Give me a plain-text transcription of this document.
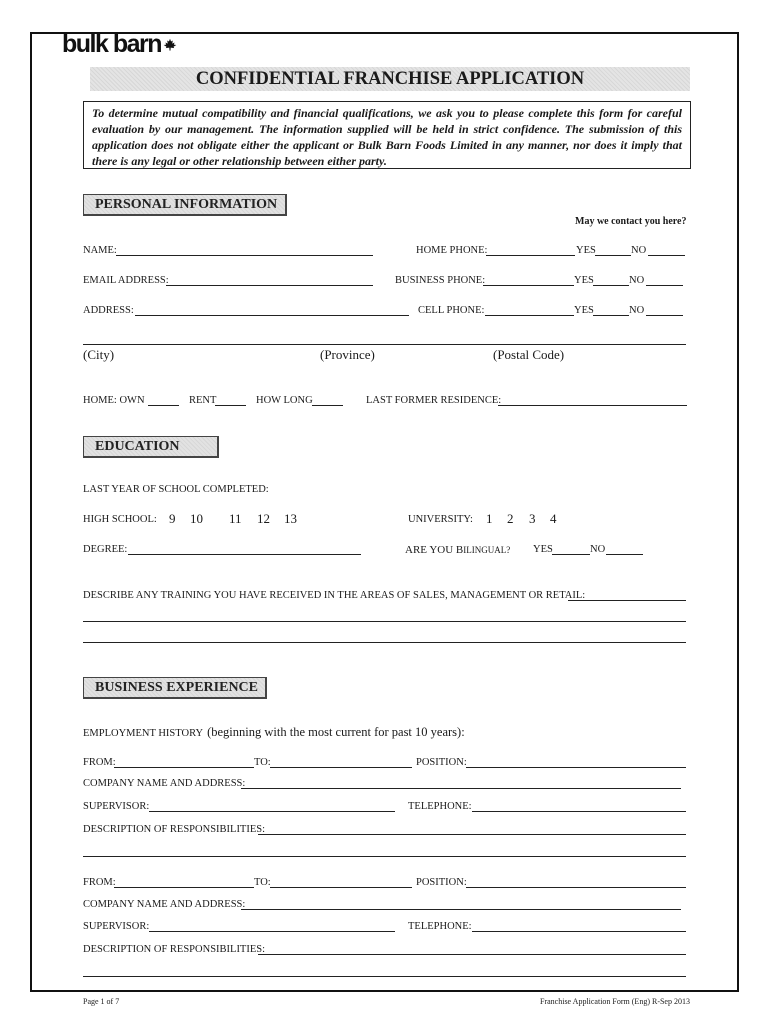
bulk barn
CONFIDENTIAL FRANCHISE APPLICATION
To determine mutual compatibility and financial qualifications, we ask you to please complete this form for careful evaluation by our management. The information supplied will be held in strict confidence. The submission of this application does not obligate either the applicant or Bulk Barn Foods Limited in any manner, nor does it imply that there is any legal or other relationship between either party.
PERSONAL INFORMATION
May we contact you here?
NAME:	HOME PHONE:	YES	NO
EMAIL ADDRESS:	BUSINESS PHONE:	YES	NO
ADDRESS:	CELL PHONE:	YES	NO
(City)	(Province)	(Postal Code)
HOME: OWN	RENT	HOW LONG	LAST FORMER RESIDENCE:
EDUCATION
LAST YEAR OF SCHOOL COMPLETED:
HIGH SCHOOL: 9 10 11 12 13	UNIVERSITY: 1 2 3 4
DEGREE:	ARE YOU BILINGUAL? YES	NO
DESCRIBE ANY TRAINING YOU HAVE RECEIVED IN THE AREAS OF SALES, MANAGEMENT OR RETAIL:
BUSINESS EXPERIENCE
EMPLOYMENT HISTORY (beginning with the most current for past 10 years):
FROM:	TO:	POSITION:
COMPANY NAME AND ADDRESS:
SUPERVISOR:	TELEPHONE:
DESCRIPTION OF RESPONSIBILITIES:
FROM:	TO:	POSITION:
COMPANY NAME AND ADDRESS:
SUPERVISOR:	TELEPHONE:
DESCRIPTION OF RESPONSIBILITIES:
Page 1 of 7	Franchise Application Form (Eng) R-Sep 2013
